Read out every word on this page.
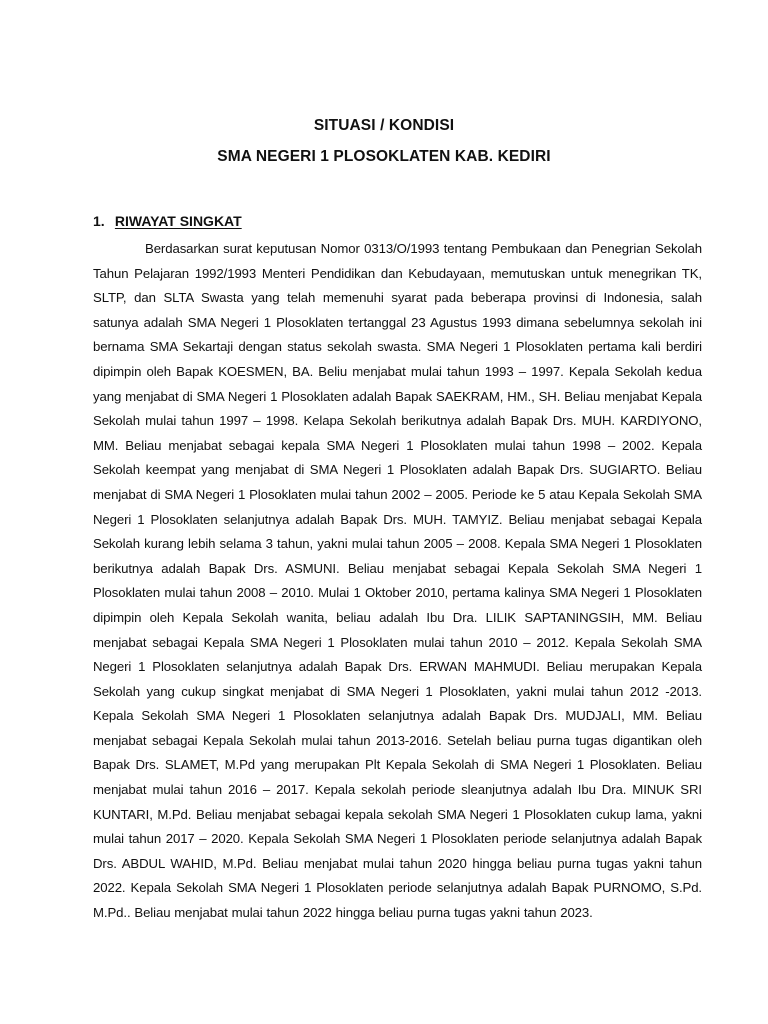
SITUASI / KONDISI
SMA NEGERI 1 PLOSOKLATEN KAB. KEDIRI
1. RIWAYAT SINGKAT

Berdasarkan surat keputusan Nomor 0313/O/1993 tentang Pembukaan dan Penegrian Sekolah Tahun Pelajaran 1992/1993 Menteri Pendidikan dan Kebudayaan, memutuskan untuk menegrikan TK, SLTP, dan SLTA Swasta yang telah memenuhi syarat pada beberapa provinsi di Indonesia, salah satunya adalah SMA Negeri 1 Plosoklaten tertanggal 23 Agustus 1993 dimana sebelumnya sekolah ini bernama SMA Sekartaji dengan status sekolah swasta. SMA Negeri 1 Plosoklaten pertama kali berdiri dipimpin oleh Bapak KOESMEN, BA. Beliu menjabat mulai tahun 1993 – 1997. Kepala Sekolah kedua yang menjabat di SMA Negeri 1 Plosoklaten adalah Bapak SAEKRAM, HM., SH. Beliau menjabat Kepala Sekolah mulai tahun 1997 – 1998. Kelapa Sekolah berikutnya adalah Bapak Drs. MUH. KARDIYONO, MM. Beliau menjabat sebagai kepala SMA Negeri 1 Plosoklaten mulai tahun 1998 – 2002. Kepala Sekolah keempat yang menjabat di SMA Negeri 1 Plosoklaten adalah Bapak Drs. SUGIARTO. Beliau menjabat di SMA Negeri 1 Plosoklaten mulai tahun 2002 – 2005. Periode ke 5 atau Kepala Sekolah SMA Negeri 1 Plosoklaten selanjutnya adalah Bapak Drs. MUH. TAMYIZ. Beliau menjabat sebagai Kepala Sekolah kurang lebih selama 3 tahun, yakni mulai tahun 2005 – 2008. Kepala SMA Negeri 1 Plosoklaten berikutnya adalah Bapak Drs. ASMUNI. Beliau menjabat sebagai Kepala Sekolah SMA Negeri 1 Plosoklaten mulai tahun 2008 – 2010. Mulai 1 Oktober 2010, pertama kalinya SMA Negeri 1 Plosoklaten dipimpin oleh Kepala Sekolah wanita, beliau adalah Ibu Dra. LILIK SAPTANINGSIH, MM. Beliau menjabat sebagai Kepala SMA Negeri 1 Plosoklaten mulai tahun 2010 – 2012. Kepala Sekolah SMA Negeri 1 Plosoklaten selanjutnya adalah Bapak Drs. ERWAN MAHMUDI. Beliau merupakan Kepala Sekolah yang cukup singkat menjabat di SMA Negeri 1 Plosoklaten, yakni mulai tahun 2012 -2013. Kepala Sekolah SMA Negeri 1 Plosoklaten selanjutnya adalah Bapak Drs. MUDJALI, MM. Beliau menjabat sebagai Kepala Sekolah mulai tahun 2013-2016. Setelah beliau purna tugas digantikan oleh Bapak Drs. SLAMET, M.Pd yang merupakan Plt Kepala Sekolah di SMA Negeri 1 Plosoklaten. Beliau menjabat mulai tahun 2016 – 2017. Kepala sekolah periode sleanjutnya adalah Ibu Dra. MINUK SRI KUNTARI, M.Pd. Beliau menjabat sebagai kepala sekolah SMA Negeri 1 Plosoklaten cukup lama, yakni mulai tahun 2017 – 2020. Kepala Sekolah SMA Negeri 1 Plosoklaten periode selanjutnya adalah Bapak Drs. ABDUL WAHID, M.Pd. Beliau menjabat mulai tahun 2020 hingga beliau purna tugas yakni tahun 2022. Kepala Sekolah SMA Negeri 1 Plosoklaten periode selanjutnya adalah Bapak PURNOMO, S.Pd. M.Pd.. Beliau menjabat mulai tahun 2022 hingga beliau purna tugas yakni tahun 2023.
